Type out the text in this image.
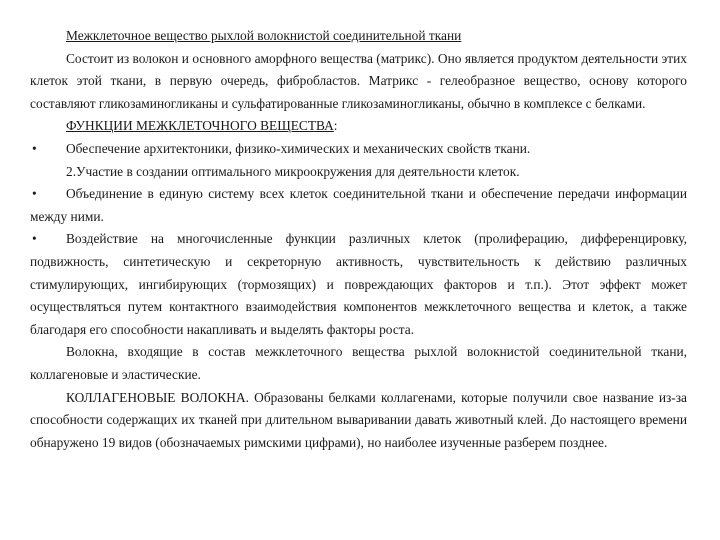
Межклеточное вещество рыхлой волокнистой соединительной ткани

Состоит из волокон и основного аморфного вещества (матрикс). Оно является продуктом деятельности этих клеток этой ткани, в первую очередь, фибробластов. Матрикс - гелеобразное вещество, основу которого составляют гликозаминогликаны и сульфатированные гликозаминогликаны, обычно в комплексе с белками.

ФУНКЦИИ МЕЖКЛЕТОЧНОГО ВЕЩЕСТВА:

• Обеспечение архитектоники, физико-химических и механических свойств ткани.

2.Участие в создании оптимального микроокружения для деятельности клеток.

• Объединение в единую систему всех клеток соединительной ткани и обеспечение передачи информации между ними.

• Воздействие на многочисленные функции различных клеток (пролиферацию, дифференцировку, подвижность, синтетическую и секреторную активность, чувствительность к действию различных стимулирующих, ингибирующих (тормозящих) и повреждающих факторов и т.п.). Этот эффект может осуществляться путем контактного взаимодействия компонентов межклеточного вещества и клеток, а также благодаря его способности накапливать и выделять факторы роста.

Волокна, входящие в состав межклеточного вещества рыхлой волокнистой соединительной ткани, коллагеновые и эластические.

КОЛЛАГЕНОВЫЕ ВОЛОКНА. Образованы белками коллагенами, которые получили свое название из-за способности содержащих их тканей при длительном вываривании давать животный клей. До настоящего времени обнаружено 19 видов (обозначаемых римскими цифрами), но наиболее изученные разберем позднее.
